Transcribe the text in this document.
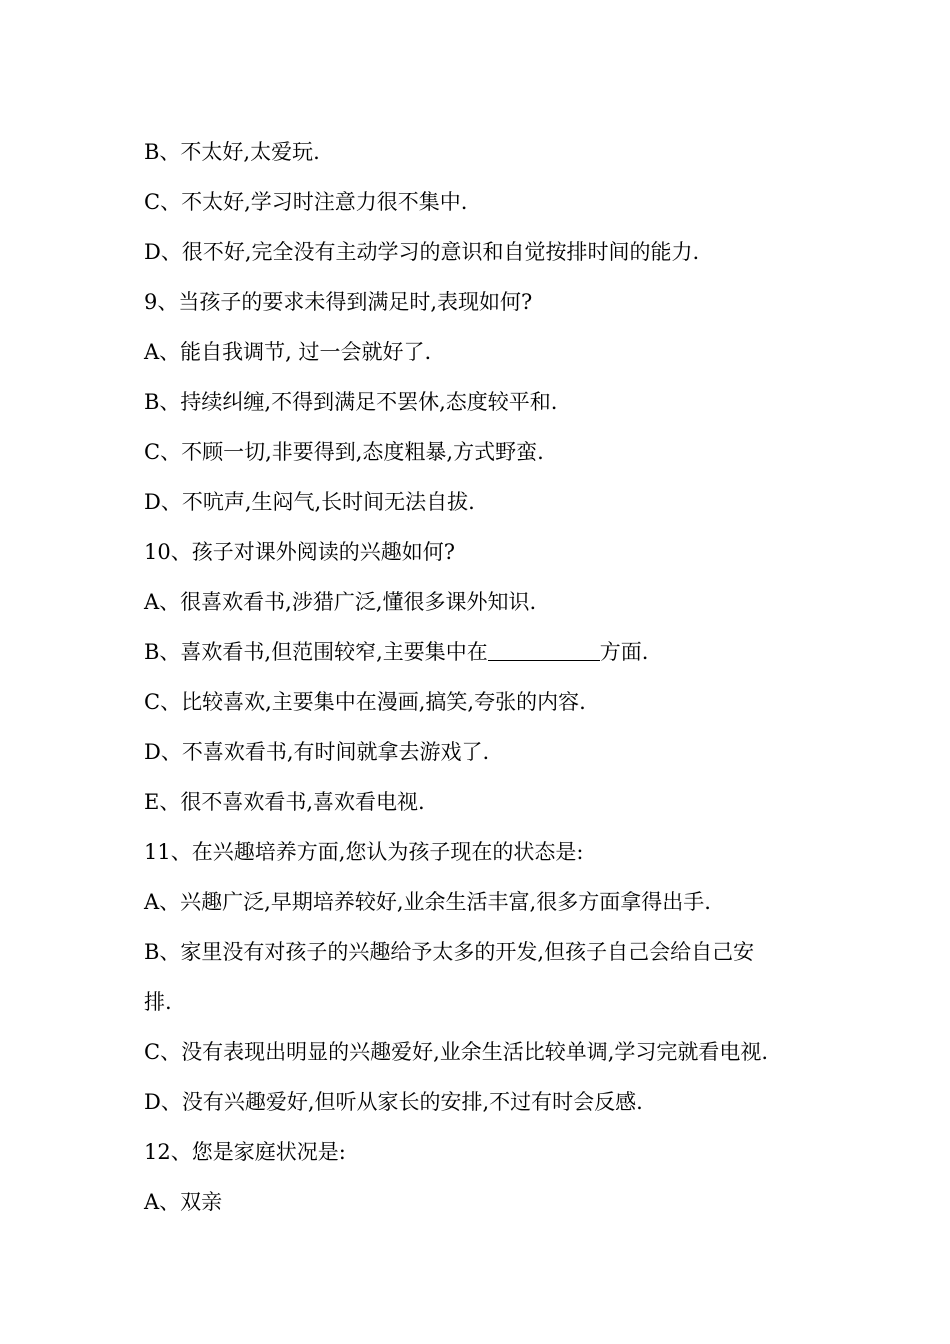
B、不太好,太爱玩.
C、不太好,学习时注意力很不集中.
D、很不好,完全没有主动学习的意识和自觉按排时间的能力.
9、当孩子的要求未得到满足时,表现如何?
A、能自我调节, 过一会就好了.
B、持续纠缠,不得到满足不罢休,态度较平和.
C、不顾一切,非要得到,态度粗暴,方式野蛮.
D、不吭声,生闷气,长时间无法自拔.
10、孩子对课外阅读的兴趣如何?
A、很喜欢看书,涉猎广泛,懂很多课外知识.
B、喜欢看书,但范围较窄,主要集中在	方面.
C、比较喜欢,主要集中在漫画,搞笑,夸张的内容.
D、不喜欢看书,有时间就拿去游戏了.
E、很不喜欢看书,喜欢看电视.
11、在兴趣培养方面,您认为孩子现在的状态是:
A、兴趣广泛,早期培养较好,业余生活丰富,很多方面拿得出手.
B、家里没有对孩子的兴趣给予太多的开发,但孩子自己会给自己安
排.
C、没有表现出明显的兴趣爱好,业余生活比较单调,学习完就看电视.
D、没有兴趣爱好,但听从家长的安排,不过有时会反感.
12、您是家庭状况是:
A、双亲
